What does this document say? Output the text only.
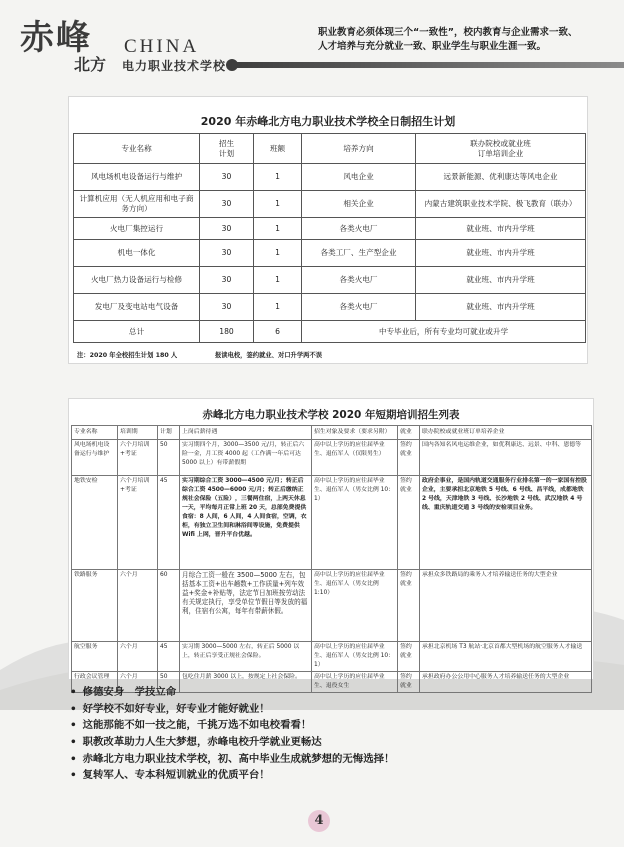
赤峰 CHINA
北方 电力职业技术学校
职业教育必须体现三个“一致性”，校内教育与企业需求一致、
人才培养与充分就业一致、职业学生与职业生涯一致。
2020 年赤峰北方电力职业技术学校全日制招生计划
专业名称	招生
计划	班额	培养方向	联办院校或就业班
订单培训企业
风电场机电设备运行与维护	30	1	风电企业	远景新能源、优利康达等风电企业
计算机应用（无人机应用和电子商务方向）	30	1	相关企业	内蒙古建筑职业技术学院、极飞教育（联办）
火电厂集控运行	30	1	各类火电厂	就业班、市内升学班
机电一体化	30	1	各类工厂、生产型企业	就业班、市内升学班
火电厂热力设备运行与检修	30	1	各类火电厂	就业班、市内升学班
发电厂及变电站电气设备	30	1	各类火电厂	就业班、市内升学班
总计	180	6	中专毕业后，所有专业均可就业或升学	
注：2020 年全校招生计划 180 人　　　　　　报读电校，签约就业、对口升学两不误
赤峰北方电力职业技术学校 2020 年短期培训招生列表
专业名称	培训期	计划	上岗后薪待遇	招生对象及要求（要求另附）	就业	联办院校或就业班订单培养企业
风电场机电设备运行与维护	六个月培训+考证	50	实习期四个月，3000—3500 元/月，转正后六险一金，月工资 4000 起（工作满一年后可达 5000 以上）有带薪假期	高中以上学历的应往届毕业生、退伍军人（仅限男生）	签约就业	国内各知名风电运维企业，如优利康达、远景、中科、恩德等
地铁安检	六个月培训+考证	45	实习期综合工资 3000—4500 元/月；转正后综合工资 4500—6000 元/月；转正后缴纳正规社会保险（五险），三餐两住宿，上两天休息一天，平均每月正常上班 20 天，总部免费提供食宿：8 人间，6 人间，4 人间食宿，空调，衣柜，有独立卫生间和淋浴间等设施，免费提供 Wifi 上网，晋升平台优越。	高中以上学历的应往届毕业生、退伍军人（男女比例 10：1）	签约就业	政府企事业，是国内轨道交通服务行业排名第一的一家国有控股企业，主要承担北京地铁 5 号线、6 号线、昌平线，成都地铁 2 号线，天津地铁 3 号线、长沙地铁 2 号线、武汉地铁 4 号线、重庆轨道交通 3 号线的安检项目业务。
铁路服务	六个月	60	月综合工资一般在 3500—5000 左右，包括基本工资+出车趟数+工作质量+列车效益+奖金+补贴等，法定节日加班按劳动法有关规定执行，享受单位节假日等发放的福利，住宿有公寓，每年有带薪休假。	高中以上学历的应往届毕业生、退伍军人（男女比例 1:10）	签约就业	承担众多铁路局的乘务人才培养输送任务的大型企业
航空服务	六个月	45	实习期 3000—5000 左右，转正后 5000 以上，转正后享受正规社会保险。	高中以上学历的应往届毕业生、退伍军人（男女比例 10：1）	签约就业	承担北京机场 T3 航站·北京首都大型机场的航空服务人才输送
行政会议管理	六个月	50	包吃住月薪 3000 以上，按规定上社会保险。	高中以上学历的应往届毕业生、退役女生	签约就业	承担政府办公公用中心服务人才培养输送任务的大型企业
• 修德安身　学技立命
• 好学校不如好专业，好专业才能好就业！
• 这能那能不如一技之能，千挑万选不如电校看看！
• 职教改革助力人生大梦想，赤峰电校升学就业更畅达
• 赤峰北方电力职业技术学校，初、高中毕业生成就梦想的无悔选择！
• 复转军人、专本科短训就业的优质平台！
4
